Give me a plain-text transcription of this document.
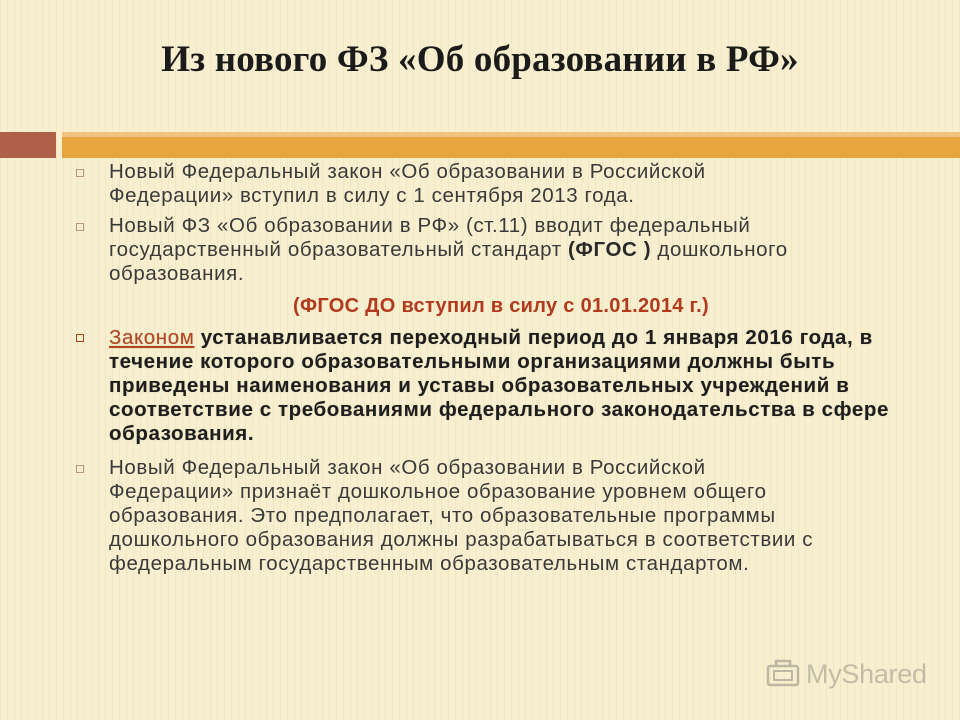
Из нового ФЗ «Об образовании в РФ»
Новый Федеральный закон «Об образовании в Российской
Федерации» вступил в силу с 1 сентября 2013 года.
Новый ФЗ «Об образовании в РФ» (ст.11) вводит федеральный
государственный образовательный стандарт (ФГОС ) дошкольного
образования.
(ФГОС ДО вступил в силу с 01.01.2014 г.)
Законом устанавливается переходный период до 1 января 2016 года, в
течение которого образовательными организациями должны быть
приведены наименования и уставы образовательных учреждений в
соответствие с требованиями федерального законодательства в сфере
образования.
Новый Федеральный закон «Об образовании в Российской
Федерации» признаёт дошкольное образование уровнем общего
образования. Это предполагает, что образовательные программы
дошкольного образования должны разрабатываться в соответствии с
федеральным государственным образовательным стандартом.
MyShared
